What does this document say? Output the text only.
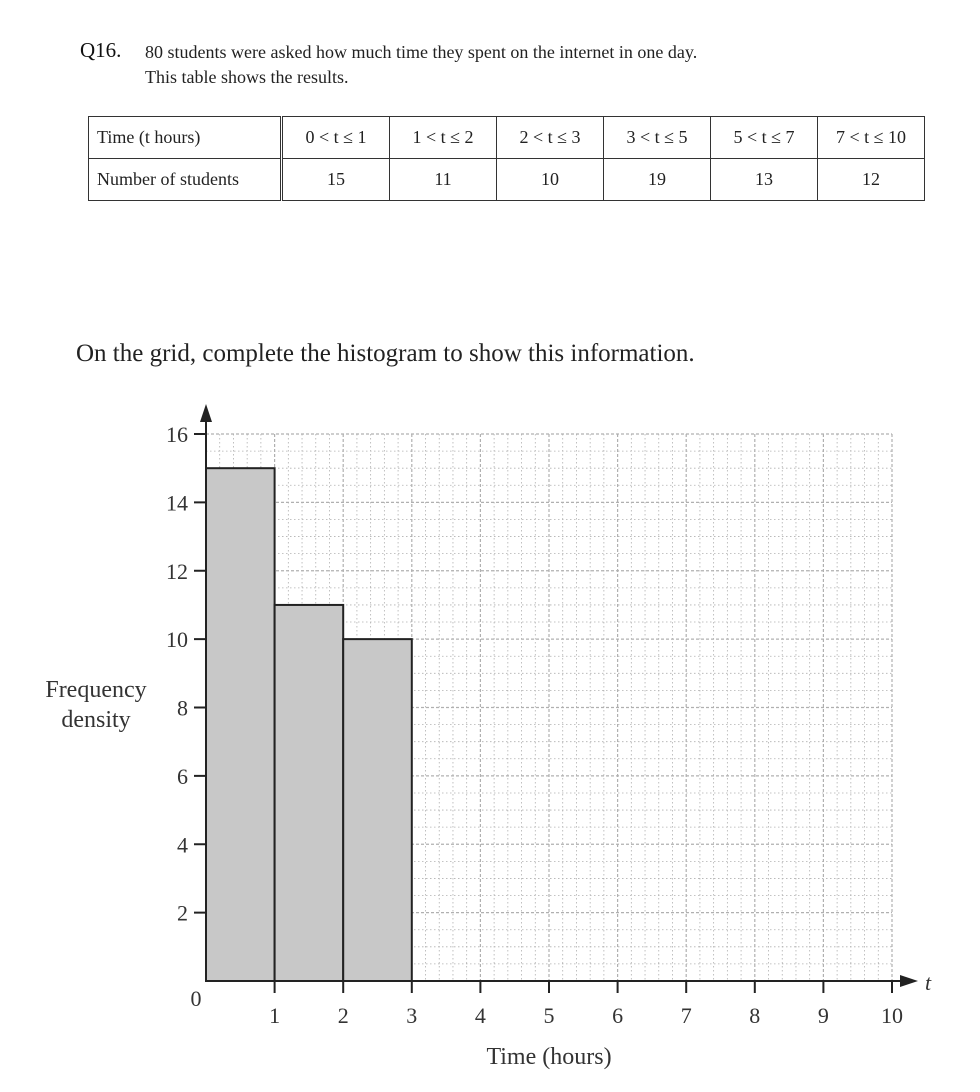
Q16. 80 students were asked how much time they spent on the internet in one day.
This table shows the results.
Time (t hours)	0 < t ≤ 1	1 < t ≤ 2	2 < t ≤ 3	3 < t ≤ 5	5 < t ≤ 7	7 < t ≤ 10
Number of students	15	11	10	19	13	12
On the grid, complete the histogram to show this information.
Frequency
density
Time (hours)
t
0
1	2	3	4	5	6	7	8	9 10
2
4
6
8
10
12
14
16
